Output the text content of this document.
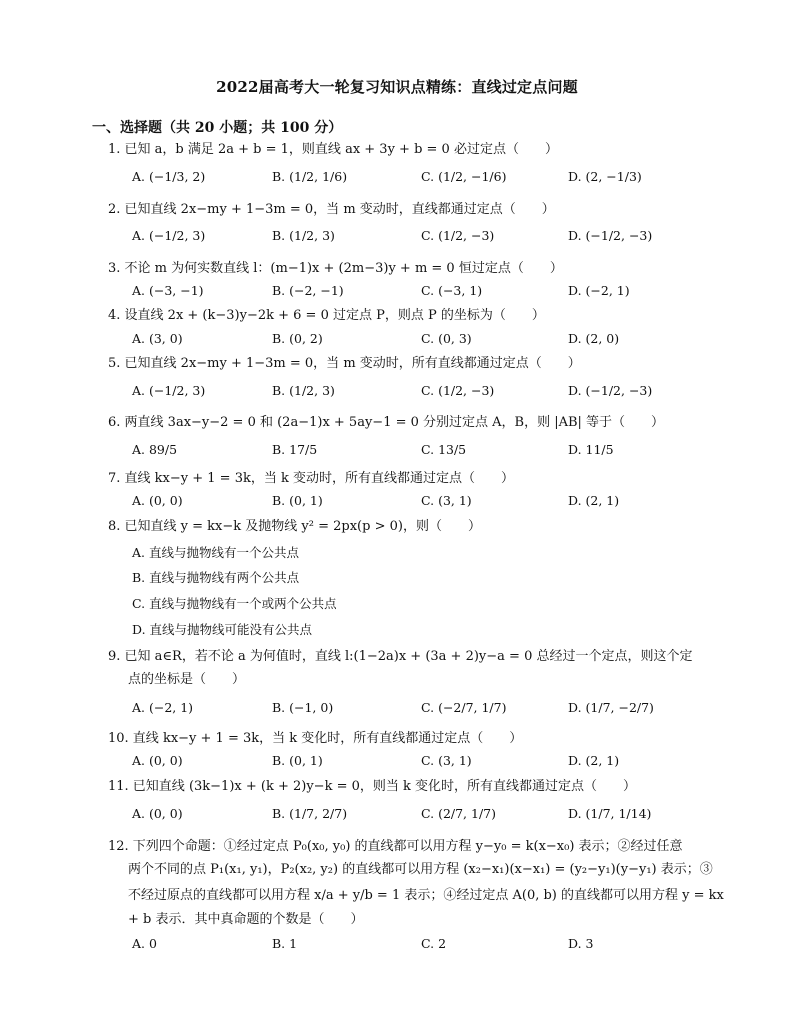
2022届高考大一轮复习知识点精练：直线过定点问题
一、选择题（共 20 小题；共 100 分）
1. 已知 a，b 满足 2a + b = 1，则直线 ax + 3y + b = 0 必过定点（　　）
A. (−1/3, 2)	B. (1/2, 1/6)	C. (1/2, −1/6)	D. (2, −1/3)
2. 已知直线 2x−my + 1−3m = 0，当 m 变动时，直线都通过定点（　　）
A. (−1/2, 3)	B. (1/2, 3)	C. (1/2, −3)	D. (−1/2, −3)
3. 不论 m 为何实数直线 l：(m−1)x + (2m−3)y + m = 0 恒过定点（　　）
A. (−3, −1)	B. (−2, −1)	C. (−3, 1)	D. (−2, 1)
4. 设直线 2x + (k−3)y−2k + 6 = 0 过定点 P，则点 P 的坐标为（　　）
A. (3, 0)	B. (0, 2)	C. (0, 3)	D. (2, 0)
5. 已知直线 2x−my + 1−3m = 0，当 m 变动时，所有直线都通过定点（　　）
A. (−1/2, 3)	B. (1/2, 3)	C. (1/2, −3)	D. (−1/2, −3)
6. 两直线 3ax−y−2 = 0 和 (2a−1)x + 5ay−1 = 0 分别过定点 A，B，则 |AB| 等于（　　）
A. 89/5	B. 17/5	C. 13/5	D. 11/5
7. 直线 kx−y + 1 = 3k，当 k 变动时，所有直线都通过定点（　　）
A. (0, 0)	B. (0, 1)	C. (3, 1)	D. (2, 1)
8. 已知直线 y = kx−k 及抛物线 y² = 2px(p > 0)，则（　　）
A. 直线与抛物线有一个公共点
B. 直线与抛物线有两个公共点
C. 直线与抛物线有一个或两个公共点
D. 直线与抛物线可能没有公共点
9. 已知 a∈R，若不论 a 为何值时，直线 l:(1−2a)x + (3a + 2)y−a = 0 总经过一个定点，则这个定
点的坐标是（　　）
A. (−2, 1)	B. (−1, 0)	C. (−2/7, 1/7)	D. (1/7, −2/7)
10. 直线 kx−y + 1 = 3k，当 k 变化时，所有直线都通过定点（　　）
A. (0, 0)	B. (0, 1)	C. (3, 1)	D. (2, 1)
11. 已知直线 (3k−1)x + (k + 2)y−k = 0，则当 k 变化时，所有直线都通过定点（　　）
A. (0, 0)	B. (1/7, 2/7)	C. (2/7, 1/7)	D. (1/7, 1/14)
12. 下列四个命题：①经过定点 P₀(x₀, y₀) 的直线都可以用方程 y−y₀ = k(x−x₀) 表示；②经过任意
两个不同的点 P₁(x₁, y₁)，P₂(x₂, y₂) 的直线都可以用方程 (x₂−x₁)(x−x₁) = (y₂−y₁)(y−y₁) 表示；③
不经过原点的直线都可以用方程 x/a + y/b = 1 表示；④经过定点 A(0, b) 的直线都可以用方程 y = kx
+ b 表示．其中真命题的个数是（　　）
A. 0	B. 1	C. 2	D. 3
